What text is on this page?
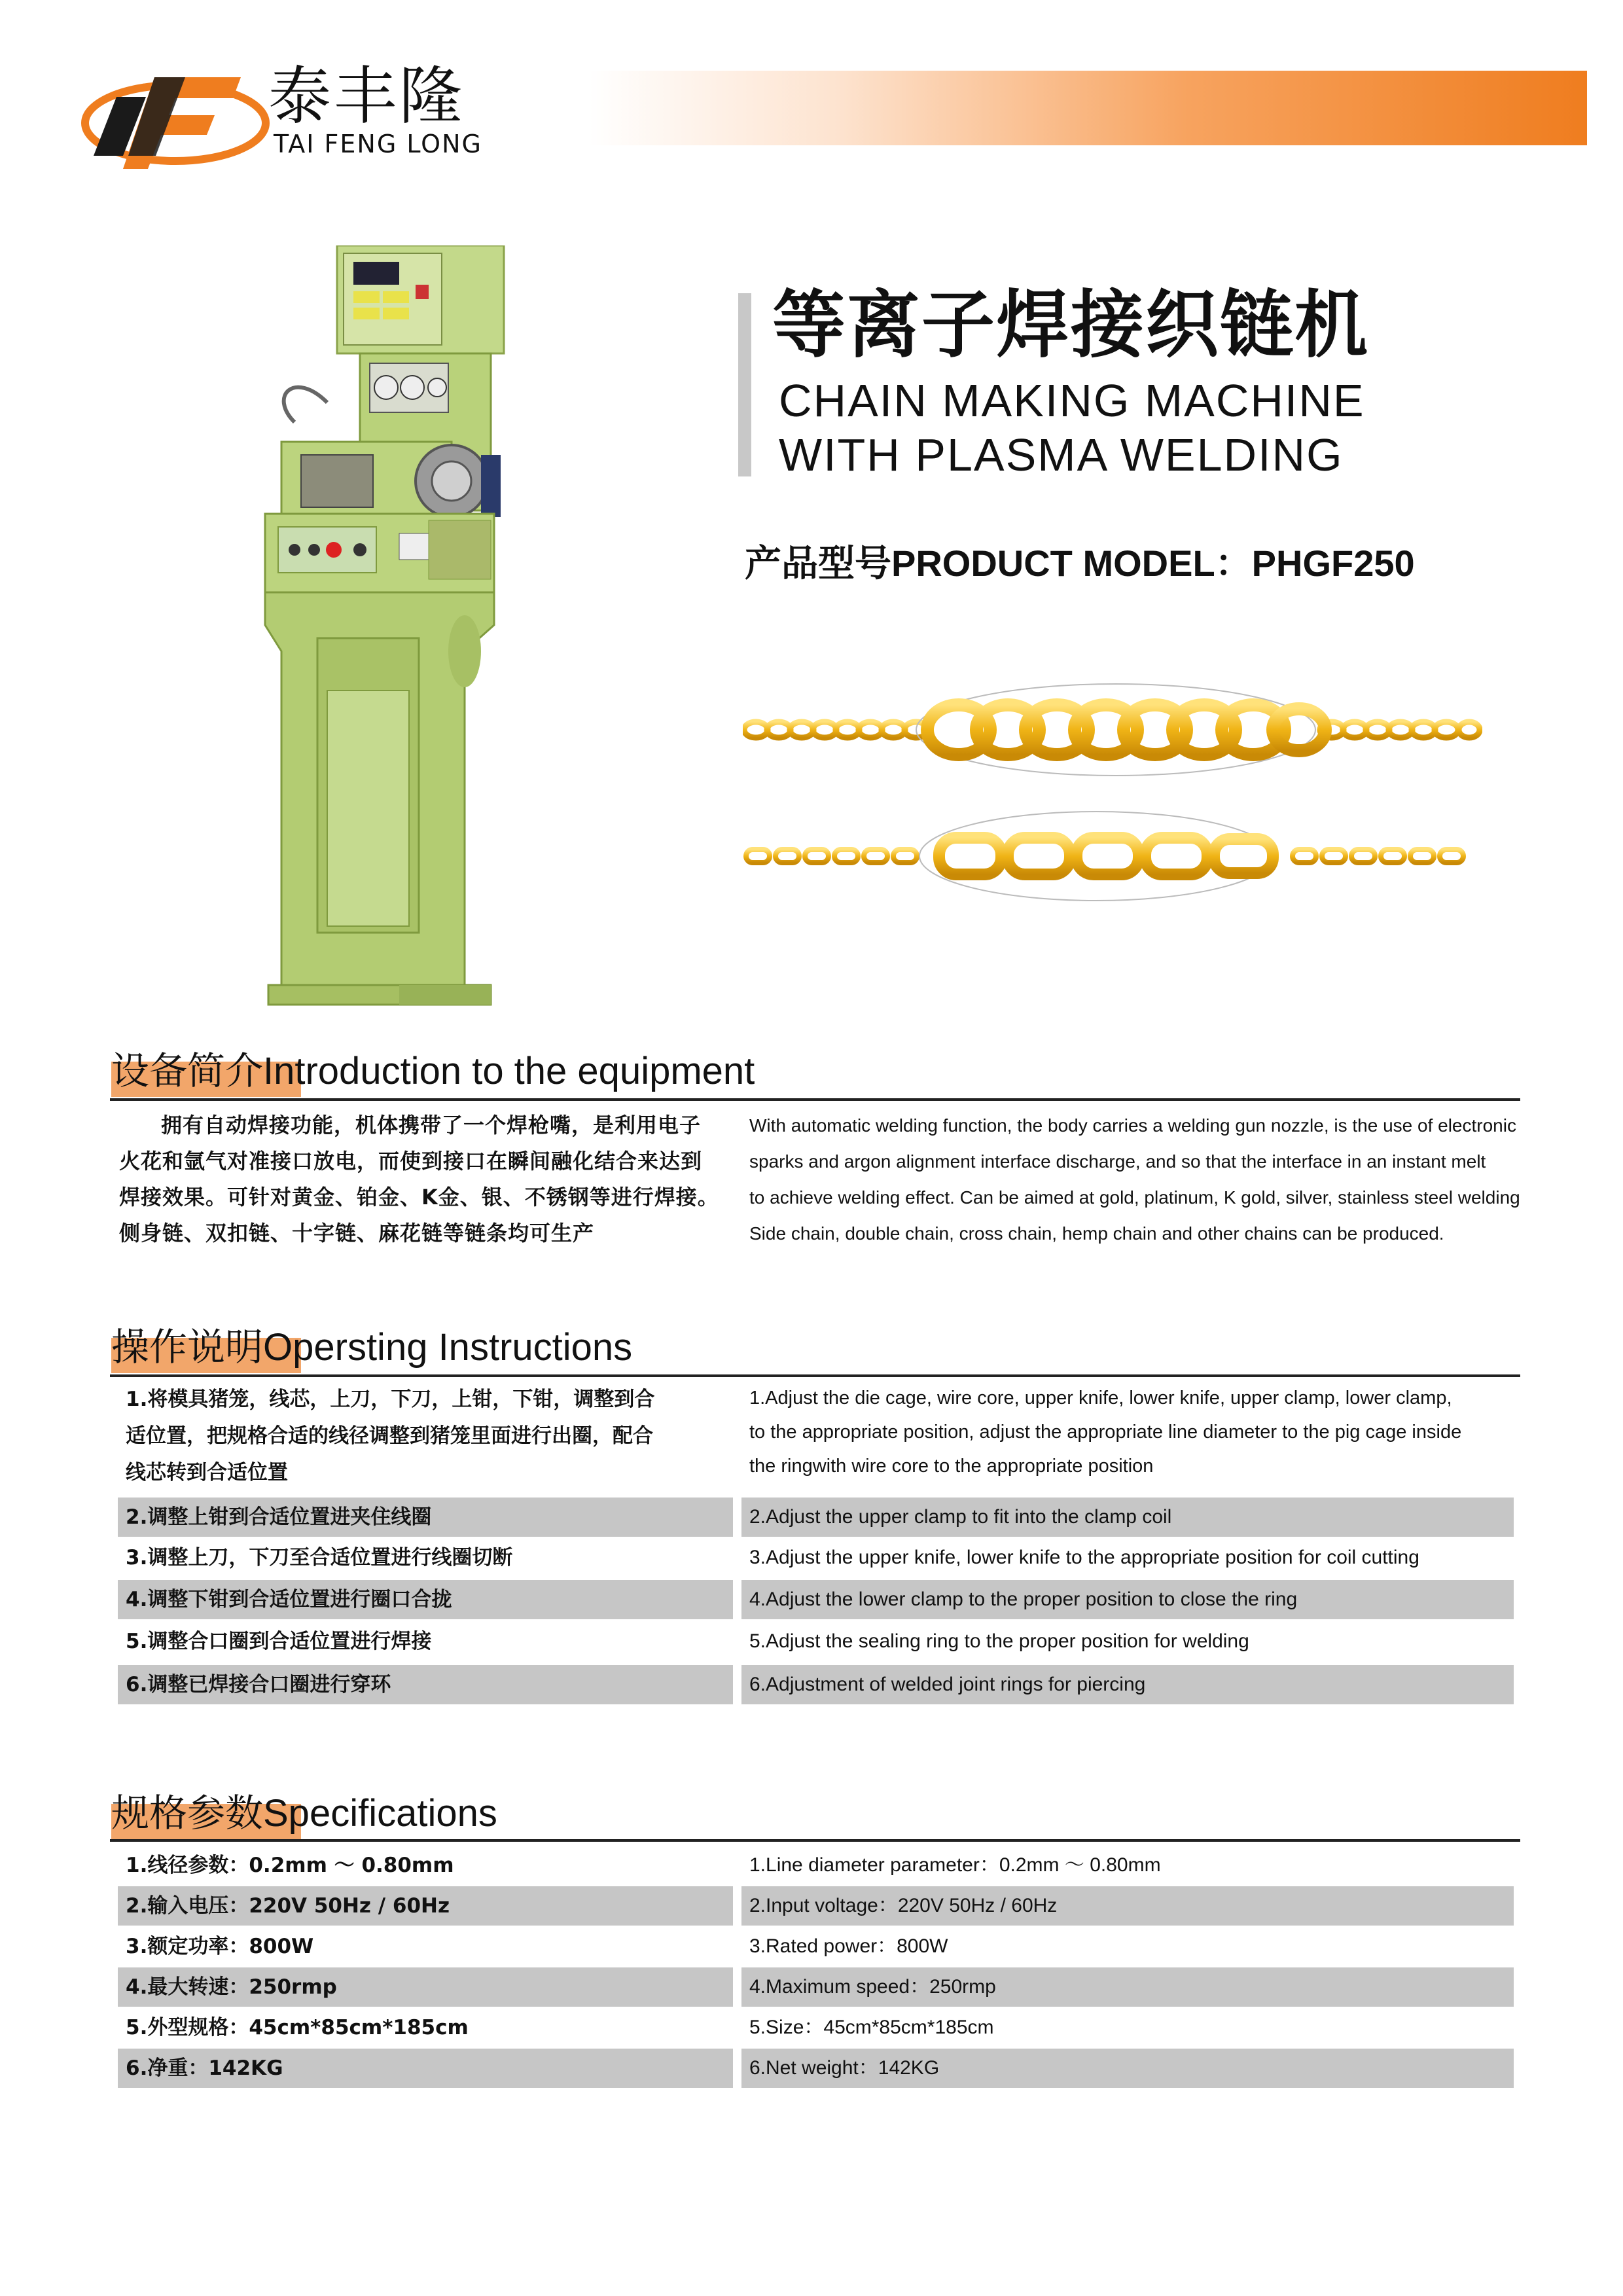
泰丰隆
TAI FENG LONG
等离子焊接织链机
CHAIN MAKING MACHINE
WITH PLASMA WELDING
产品型号PRODUCT MODEL：PHGF250
设备简介Introduction to the equipment
拥有自动焊接功能，机体携带了一个焊枪嘴，是利用电子
火花和氩气对准接口放电，而使到接口在瞬间融化结合来达到
焊接效果。可针对黄金、铂金、K金、银、不锈钢等进行焊接。
侧身链、双扣链、十字链、麻花链等链条均可生产
With automatic welding function, the body carries a welding gun nozzle, is the use of electronic
sparks and argon alignment interface discharge, and so that the interface in an instant melt
to achieve welding effect. Can be aimed at gold, platinum, K gold, silver, stainless steel welding
Side chain, double chain, cross chain, hemp chain and other chains can be produced.
操作说明Opersting Instructions
1.将模具猪笼，线芯，上刀，下刀，上钳，下钳，调整到合
适位置，把规格合适的线径调整到猪笼里面进行出圈，配合
线芯转到合适位置
1.Adjust the die cage, wire core, upper knife, lower knife, upper clamp, lower clamp,
to the appropriate position, adjust the appropriate line diameter to the pig cage inside
the ringwith wire core to the appropriate position
2.调整上钳到合适位置进夹住线圈	2.Adjust the upper clamp to fit into the clamp coil
3.调整上刀，下刀至合适位置进行线圈切断	3.Adjust the upper knife, lower knife to the appropriate position for coil cutting
4.调整下钳到合适位置进行圈口合拢	4.Adjust the lower clamp to the proper position to close the ring
5.调整合口圈到合适位置进行焊接	5.Adjust the sealing ring to the proper position for welding
6.调整已焊接合口圈进行穿环	6.Adjustment of welded joint rings for piercing
规格参数Specifications
1.线径参数：0.2mm 〜 0.80mm	1.Line diameter parameter：0.2mm 〜 0.80mm
2.输入电压：220V 50Hz / 60Hz	2.Input voltage：220V 50Hz / 60Hz
3.额定功率：800W	3.Rated power：800W
4.最大转速：250rmp	4.Maximum speed：250rmp
5.外型规格：45cm*85cm*185cm	5.Size：45cm*85cm*185cm
6.净重：142KG	6.Net weight：142KG
